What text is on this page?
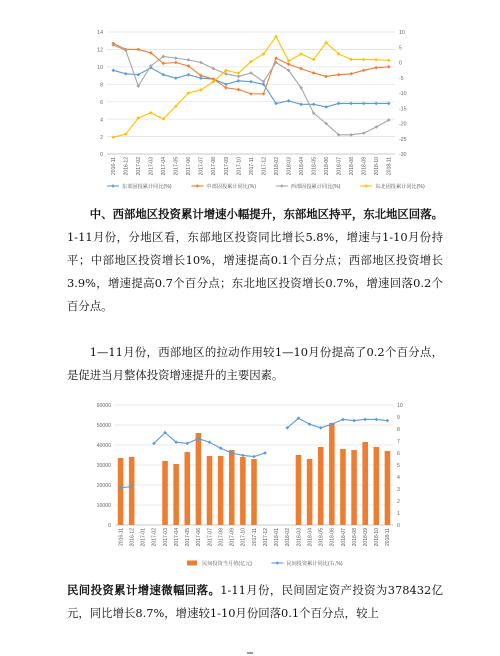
0
2
4
6
8
10
12
14
-30
-25
-20
-15
-10
-5
0
5
10
2016-11 2016-12 2017-02 2017-03 2017-04 2017-05 2017-06 2017-07 2017-08 2017-09 2017-10 2017-11 2017-12 2018-02 2018-03 2018-04 2018-05 2018-06 2018-07 2018-08 2018-09 2018-10 2018-11
东部固投累计同比(%)	中部固投累计同比(%)	西部固投累计同比(%)	东北固投累计同比(%)

中、西部地区投资累计增速小幅提升，东部地区持平，东北地区回落。1-11月份，分地区看，东部地区投资同比增长5.8%，增速与1-10月份持平；中部地区投资增长10%，增速提高0.1个百分点；西部地区投资增长3.9%，增速提高0.7个百分点；东北地区投资增长0.7%，增速回落0.2个百分点。

1—11月份，西部地区的拉动作用较1—10月份提高了0.2个百分点，是促进当月整体投资增速提升的主要因素。

0
10000
20000
30000
40000
50000
60000
0
1
2
3
4
5
6
7
8
9
10
2016-11 2016-12 2017-01 2017-02 2017-03 2017-04 2017-05 2017-06 2017-07 2017-08 2017-09 2017-10 2017-11 2017-12 2018-01 2018-02 2018-03 2018-04 2018-05 2018-06 2018-07 2018-08 2018-09 2018-10 2018-11
民间投资当月值(亿元)	民间投资累计同比(右,%)

民间投资累计增速微幅回落。1-11月份，民间固定资产投资为378432亿元，同比增长8.7%，增速较1-10月份回落0.1个百分点，较上
